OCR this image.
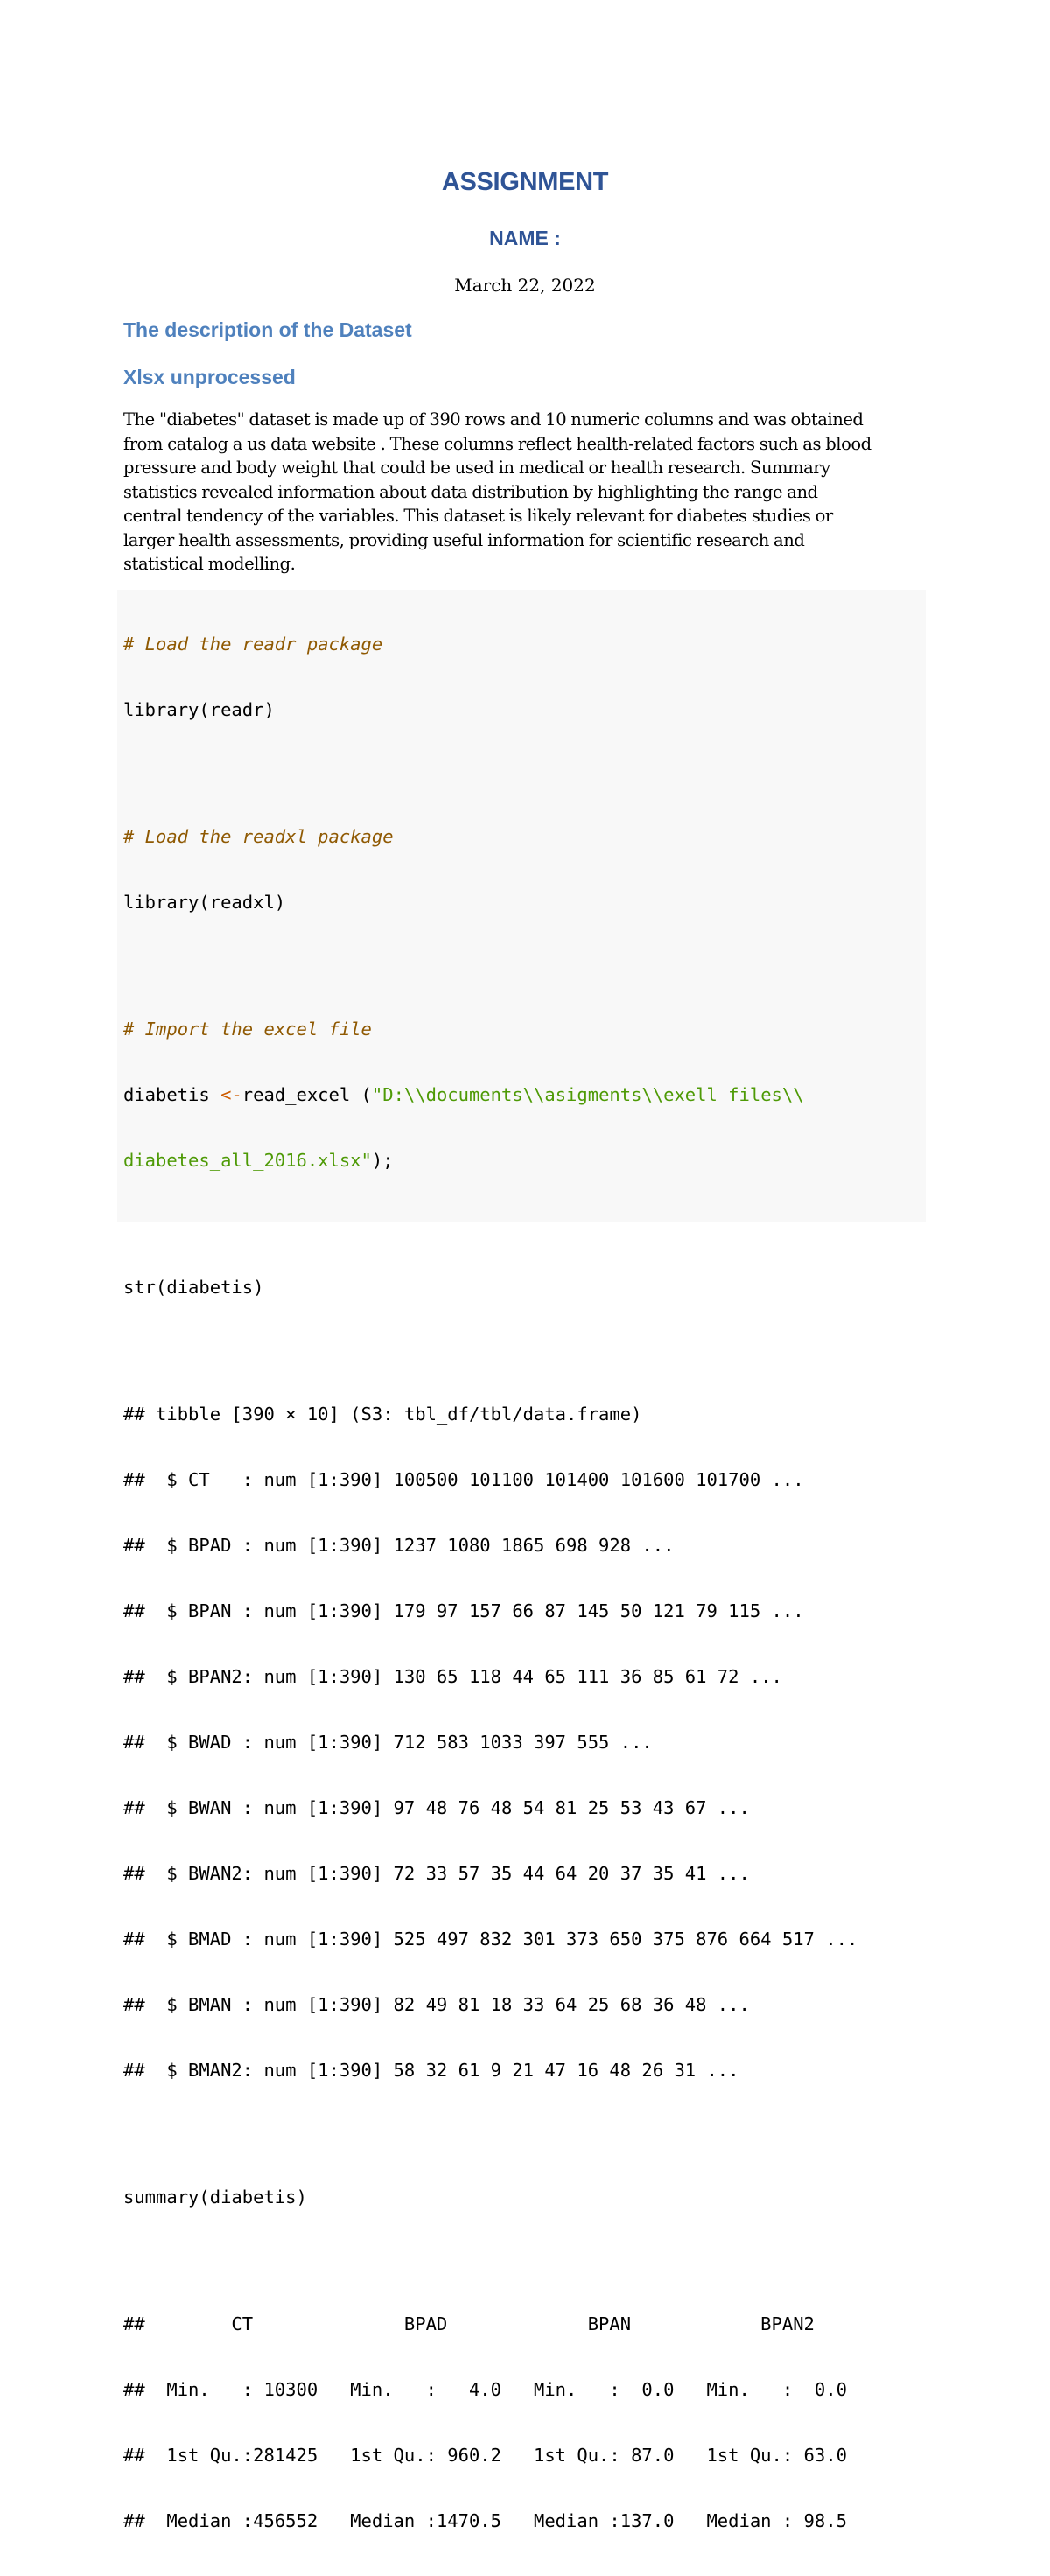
ASSIGNMENT
NAME :
March 22, 2022
The description of the Dataset
Xlsx unprocessed
The "diabetes" dataset is made up of 390 rows and 10 numeric columns and was obtained
from catalog a us data website . These columns reflect health-related factors such as blood
pressure and body weight that could be used in medical or health research. Summary
statistics revealed information about data distribution by highlighting the range and
central tendency of the variables. This dataset is likely relevant for diabetes studies or
larger health assessments, providing useful information for scientific research and
statistical modelling.

# Load the readr package

library(readr)

# Load the readxl package

library(readxl)

# Import the excel file

diabetis <-read_excel ("D:\\documents\\asigments\\exell files\\

diabetes_all_2016.xlsx");

str(diabetis)

## tibble [390 × 10] (S3: tbl_df/tbl/data.frame)

##  $ CT   : num [1:390] 100500 101100 101400 101600 101700 ...

##  $ BPAD : num [1:390] 1237 1080 1865 698 928 ...

##  $ BPAN : num [1:390] 179 97 157 66 87 145 50 121 79 115 ...

##  $ BPAN2: num [1:390] 130 65 118 44 65 111 36 85 61 72 ...

##  $ BWAD : num [1:390] 712 583 1033 397 555 ...

##  $ BWAN : num [1:390] 97 48 76 48 54 81 25 53 43 67 ...

##  $ BWAN2: num [1:390] 72 33 57 35 44 64 20 37 35 41 ...

##  $ BMAD : num [1:390] 525 497 832 301 373 650 375 876 664 517 ...

##  $ BMAN : num [1:390] 82 49 81 18 33 64 25 68 36 48 ...

##  $ BMAN2: num [1:390] 58 32 61 9 21 47 16 48 26 31 ...

summary(diabetis)

##        CT              BPAD             BPAN            BPAN2

##  Min.   : 10300   Min.   :   4.0   Min.   :  0.0   Min.   :  0.0

##  1st Qu.:281425   1st Qu.: 960.2   1st Qu.: 87.0   1st Qu.: 63.0

##  Median :456552   Median :1470.5   Median :137.0   Median : 98.5
